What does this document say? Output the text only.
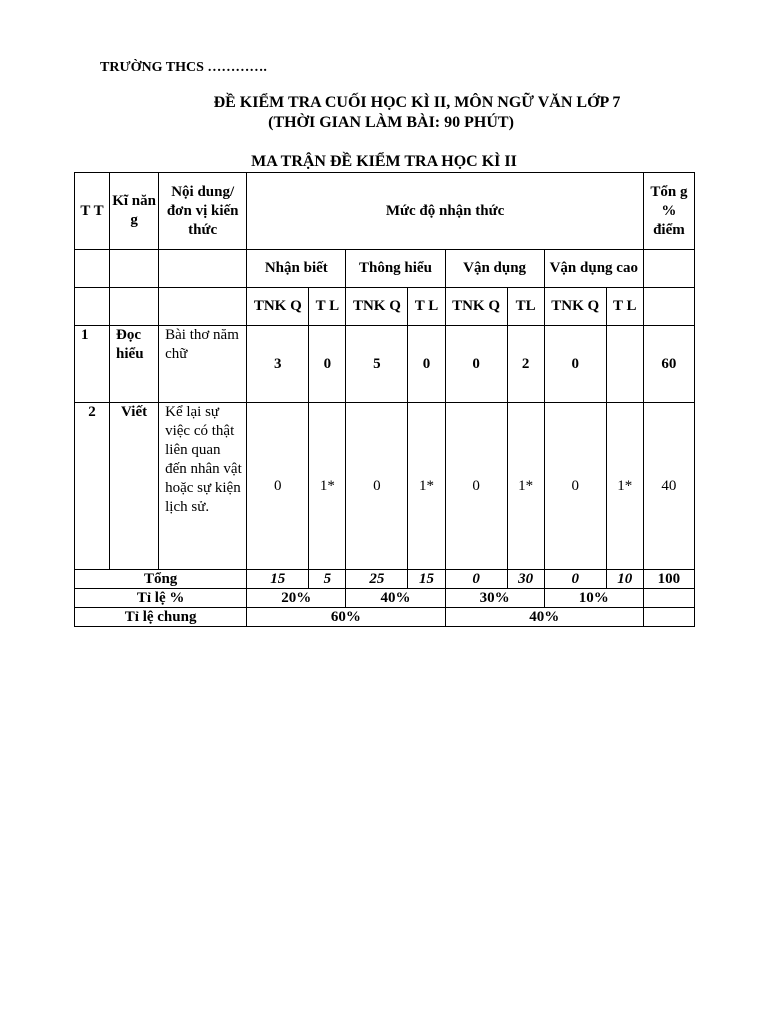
TRƯỜNG THCS ………….
ĐỀ KIỂM TRA CUỐI HỌC KÌ II, MÔN NGỮ VĂN LỚP 7
(THỜI GIAN LÀM BÀI: 90 PHÚT)
MA TRẬN ĐỀ KIỂM TRA HỌC KÌ II
T T	Kĩ năn g	Nội dung/đơn vị kiến thức	Mức độ nhận thức								Tổn g % điểm
			Nhận biết		Thông hiểu		Vận dụng		Vận dụng cao		
			TNK Q	T L	TNK Q	T L	TNK Q	TL	TNK Q	T L	
1	Đọc hiểu	Bài thơ năm chữ	3	0	5	0	0	2	0		60
2	Viết	Kể lại sự việc có thật liên quan đến nhân vật hoặc sự kiện lịch sử.	0	1*	0	1*	0	1*	0	1*	40
Tổng			15	5	25	15	0	30	0	10	100
Tỉ lệ %			20%		40%		30%		10%		
Tỉ lệ chung			60%				40%				
